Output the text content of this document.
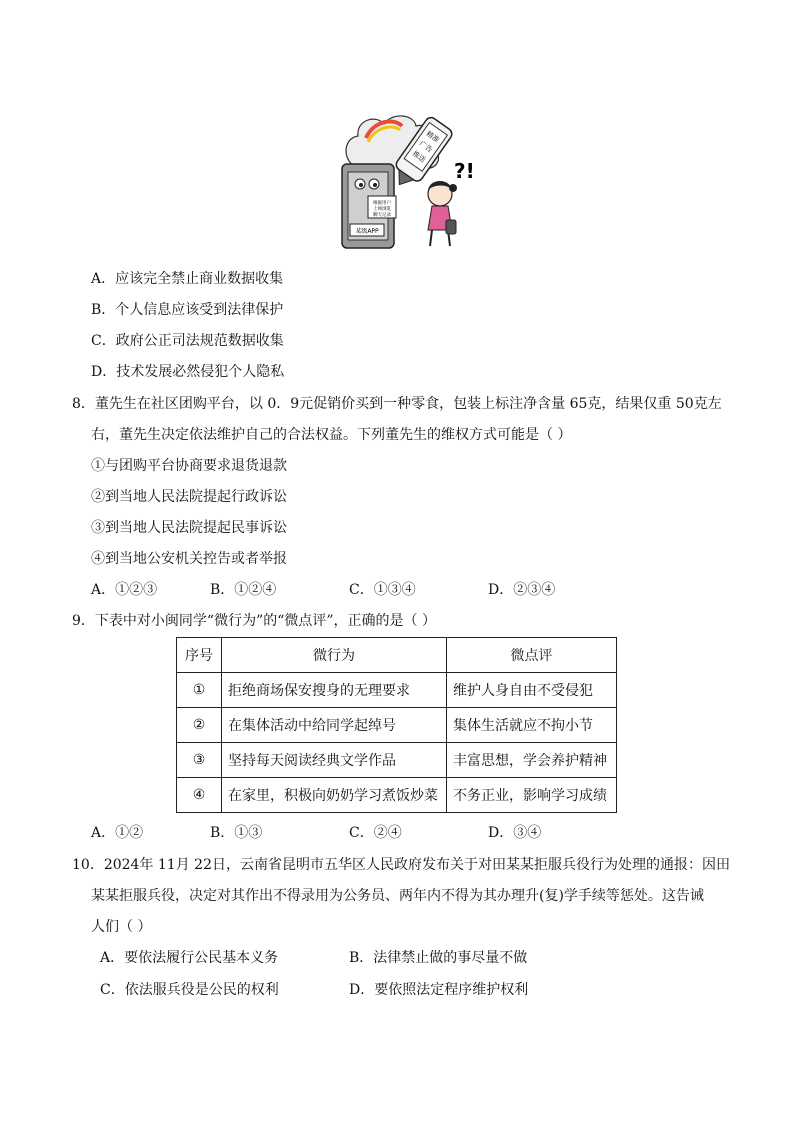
精准
广告
推送
根据用户
上网浏览
聊天记录
某级APP
?!
A．应该完全禁止商业数据收集
B．个人信息应该受到法律保护
C．政府公正司法规范数据收集
D．技术发展必然侵犯个人隐私
8．董先生在社区团购平台，以 0．9元促销价买到一种零食，包装上标注净含量 65克，结果仅重 50克左
右，董先生决定依法维护自己的合法权益。下列董先生的维权方式可能是（ ）
①与团购平台协商要求退货退款
②到当地人民法院提起行政诉讼
③到当地人民法院提起民事诉讼
④到当地公安机关控告或者举报
A．①②③	B．①②④	C．①③④	D．②③④
9．下表中对小闽同学“微行为”的“微点评”，正确的是（ ）
序号	微行为	微点评
①	拒绝商场保安搜身的无理要求	维护人身自由不受侵犯
②	在集体活动中给同学起绰号	集体生活就应不拘小节
③	坚持每天阅读经典文学作品	丰富思想，学会养护精神
④	在家里，积极向奶奶学习煮饭炒菜	不务正业，影响学习成绩
A．①②	B．①③	C．②④	D．③④
10．2024年 11月 22日，云南省昆明市五华区人民政府发布关于对田某某拒服兵役行为处理的通报：因田
某某拒服兵役，决定对其作出不得录用为公务员、两年内不得为其办理升(复)学手续等惩处。这告诫
人们（ ）
A．要依法履行公民基本义务	B．法律禁止做的事尽量不做
C．依法服兵役是公民的权利	D．要依照法定程序维护权利
